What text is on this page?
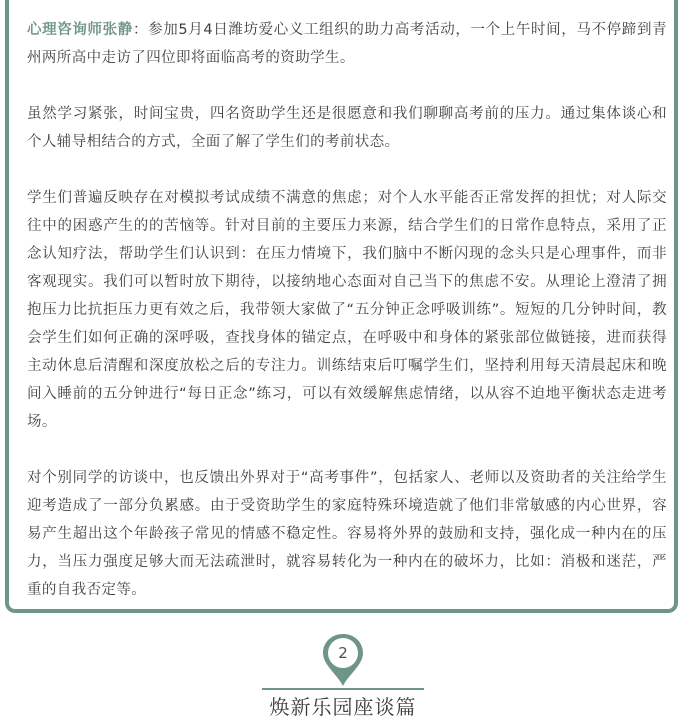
心理咨询师张静：参加5月4日潍坊爱心义工组织的助力高考活动，一个上午时间，马不停蹄到青州两所高中走访了四位即将面临高考的资助学生。

虽然学习紧张，时间宝贵，四名资助学生还是很愿意和我们聊聊高考前的压力。通过集体谈心和个人辅导相结合的方式，全面了解了学生们的考前状态。

学生们普遍反映存在对模拟考试成绩不满意的焦虑；对个人水平能否正常发挥的担忧；对人际交往中的困惑产生的的苦恼等。针对目前的主要压力来源，结合学生们的日常作息特点，采用了正念认知疗法，帮助学生们认识到：在压力情境下，我们脑中不断闪现的念头只是心理事件，而非客观现实。我们可以暂时放下期待，以接纳地心态面对自己当下的焦虑不安。从理论上澄清了拥抱压力比抗拒压力更有效之后，我带领大家做了“五分钟正念呼吸训练”。短短的几分钟时间，教会学生们如何正确的深呼吸，查找身体的锚定点，在呼吸中和身体的紧张部位做链接，进而获得主动休息后清醒和深度放松之后的专注力。训练结束后叮嘱学生们，坚持利用每天清晨起床和晚间入睡前的五分钟进行“每日正念”练习，可以有效缓解焦虑情绪，以从容不迫地平衡状态走进考场。

对个别同学的访谈中，也反馈出外界对于“高考事件”，包括家人、老师以及资助者的关注给学生迎考造成了一部分负累感。由于受资助学生的家庭特殊环境造就了他们非常敏感的内心世界，容易产生超出这个年龄孩子常见的情感不稳定性。容易将外界的鼓励和支持，强化成一种内在的压力，当压力强度足够大而无法疏泄时，就容易转化为一种内在的破坏力，比如：消极和迷茫，严重的自我否定等。

2
焕新乐园座谈篇
